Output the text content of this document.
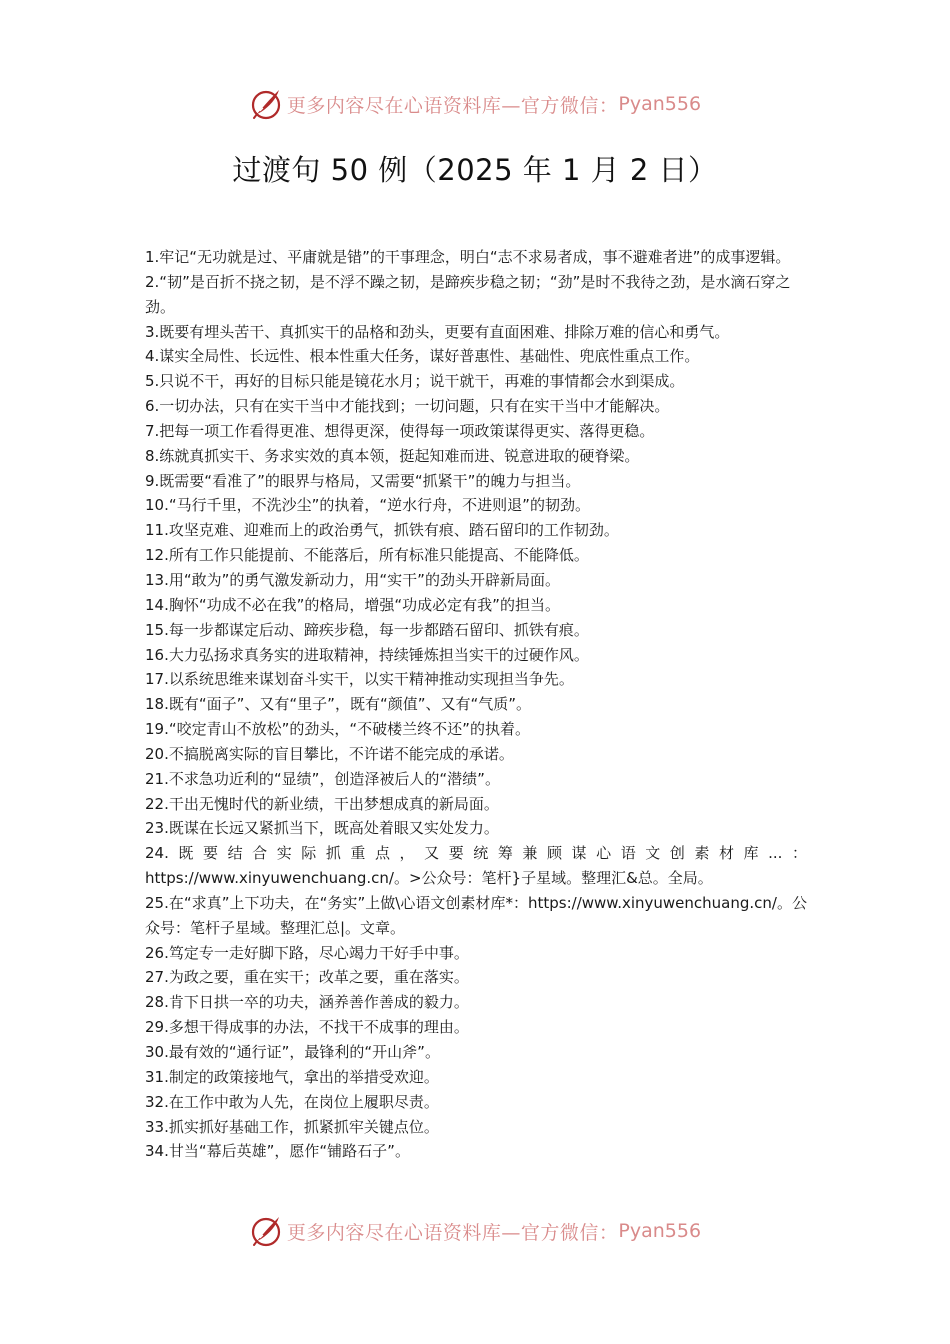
更多内容尽在心语资料库—官方微信： Pyan556
过渡句 50 例（2025 年 1 月 2 日）
1.牢记“无功就是过、平庸就是错”的干事理念，明白“志不求易者成，事不避难者进”的成事逻辑。
2.“韧”是百折不挠之韧，是不浮不躁之韧，是蹄疾步稳之韧；“劲”是时不我待之劲，是水滴石穿之劲。
3.既要有埋头苦干、真抓实干的品格和劲头，更要有直面困难、排除万难的信心和勇气。
4.谋实全局性、长远性、根本性重大任务，谋好普惠性、基础性、兜底性重点工作。
5.只说不干，再好的目标只能是镜花水月；说干就干，再难的事情都会水到渠成。
6.一切办法，只有在实干当中才能找到；一切问题，只有在实干当中才能解决。
7.把每一项工作看得更准、想得更深，使得每一项政策谋得更实、落得更稳。
8.练就真抓实干、务求实效的真本领，挺起知难而进、锐意进取的硬脊梁。
9.既需要“看准了”的眼界与格局，又需要“抓紧干”的魄力与担当。
10.“马行千里，不洗沙尘”的执着，“逆水行舟，不进则退”的韧劲。
11.攻坚克难、迎难而上的政治勇气，抓铁有痕、踏石留印的工作韧劲。
12.所有工作只能提前、不能落后，所有标准只能提高、不能降低。
13.用“敢为”的勇气激发新动力，用“实干”的劲头开辟新局面。
14.胸怀“功成不必在我”的格局，增强“功成必定有我”的担当。
15.每一步都谋定后动、蹄疾步稳，每一步都踏石留印、抓铁有痕。
16.大力弘扬求真务实的进取精神，持续锤炼担当实干的过硬作风。
17.以系统思维来谋划奋斗实干，以实干精神推动实现担当争先。
18.既有“面子”、又有“里子”，既有“颜值”、又有“气质”。
19.“咬定青山不放松”的劲头，“不破楼兰终不还”的执着。
20.不搞脱离实际的盲目攀比，不许诺不能完成的承诺。
21.不求急功近利的“显绩”，创造泽被后人的“潜绩”。
22.干出无愧时代的新业绩，干出梦想成真的新局面。
23.既谋在长远又紧抓当下，既高处着眼又实处发力。
24.既要结合实际抓重点，又要统筹兼顾谋心语文创素材库...：https://www.xinyuwenchuang.cn/。>公众号：笔杆}子星域。整理汇&总。全局。
25.在“求真”上下功夫，在“务实”上做\心语文创素材库*：https://www.xinyuwenchuang.cn/。公众号：笔杆子星域。整理汇总|。文章。
26.笃定专一走好脚下路，尽心竭力干好手中事。
27.为政之要，重在实干；改革之要，重在落实。
28.肯下日拱一卒的功夫，涵养善作善成的毅力。
29.多想干得成事的办法，不找干不成事的理由。
30.最有效的“通行证”，最锋利的“开山斧”。
31.制定的政策接地气，拿出的举措受欢迎。
32.在工作中敢为人先，在岗位上履职尽责。
33.抓实抓好基础工作，抓紧抓牢关键点位。
34.甘当“幕后英雄”，愿作“铺路石子”。
更多内容尽在心语资料库—官方微信： Pyan556
